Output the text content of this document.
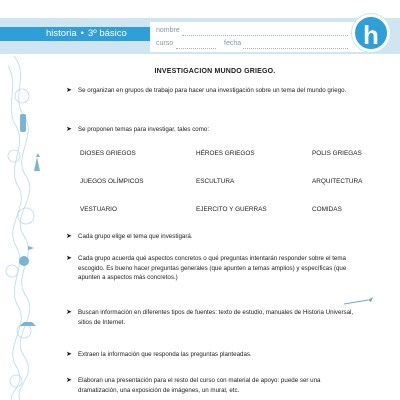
historia • 3º básico	nombre
curso	fecha	h
INVESTIGACION MUNDO GRIEGO.
➤ Se organizan en grupos de trabajo para hacer una investigación sobre un tema del mundo griego.
➤ Se proponen temas para investigar, tales como:
DIOSES GRIEGOS	HÉROES GRIEGOS	POLIS GRIEGAS
JUEGOS OLÍMPICOS	ESCULTURA	ARQUITECTURA
VESTUARIO	EJERCITO Y GUERRAS	COMIDAS
➤ Cada grupo elige el tema que investigará.
➤ Cada grupo acuerda qué aspectos concretos o qué preguntas intentarán responder sobre el tema escogido. Es bueno hacer preguntas generales (que apunten a temas amplios) y específicas (que apunten a aspectos más concretos.)
➤ Buscan información en diferentes tipos de fuentes: texto de estudio, manuales de Historia Universal, sitios de Internet.
➤ Extraen la información que responda las preguntas planteadas.
➤ Elaboran una presentación para el resto del curso con material de apoyo: puede ser una dramatización, una exposición de imágenes, un mural, etc.
